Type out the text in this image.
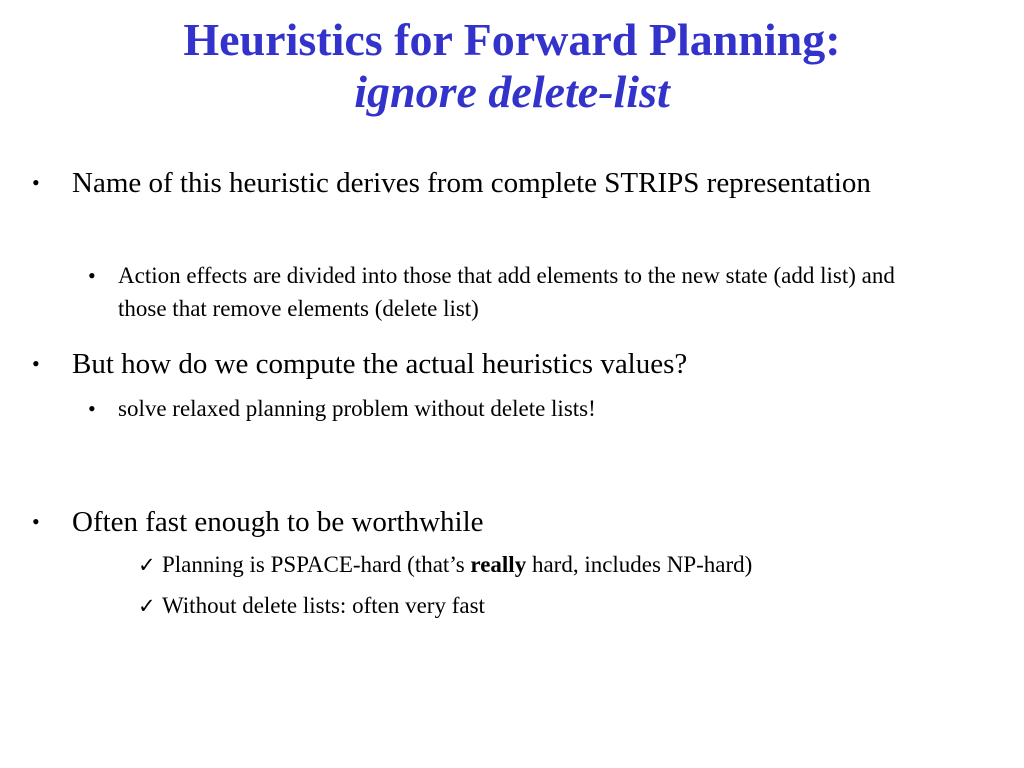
Heuristics for Forward Planning:
ignore delete-list
• Name of this heuristic derives from complete STRIPS representation
• Action effects are divided into those that add elements to the new state (add list) and those that remove elements (delete list)
• But how do we compute the actual heuristics values?
• solve relaxed planning problem without delete lists!
• Often fast enough to be worthwhile
✓ Planning is PSPACE-hard (that’s really hard, includes NP-hard)
✓ Without delete lists: often very fast
